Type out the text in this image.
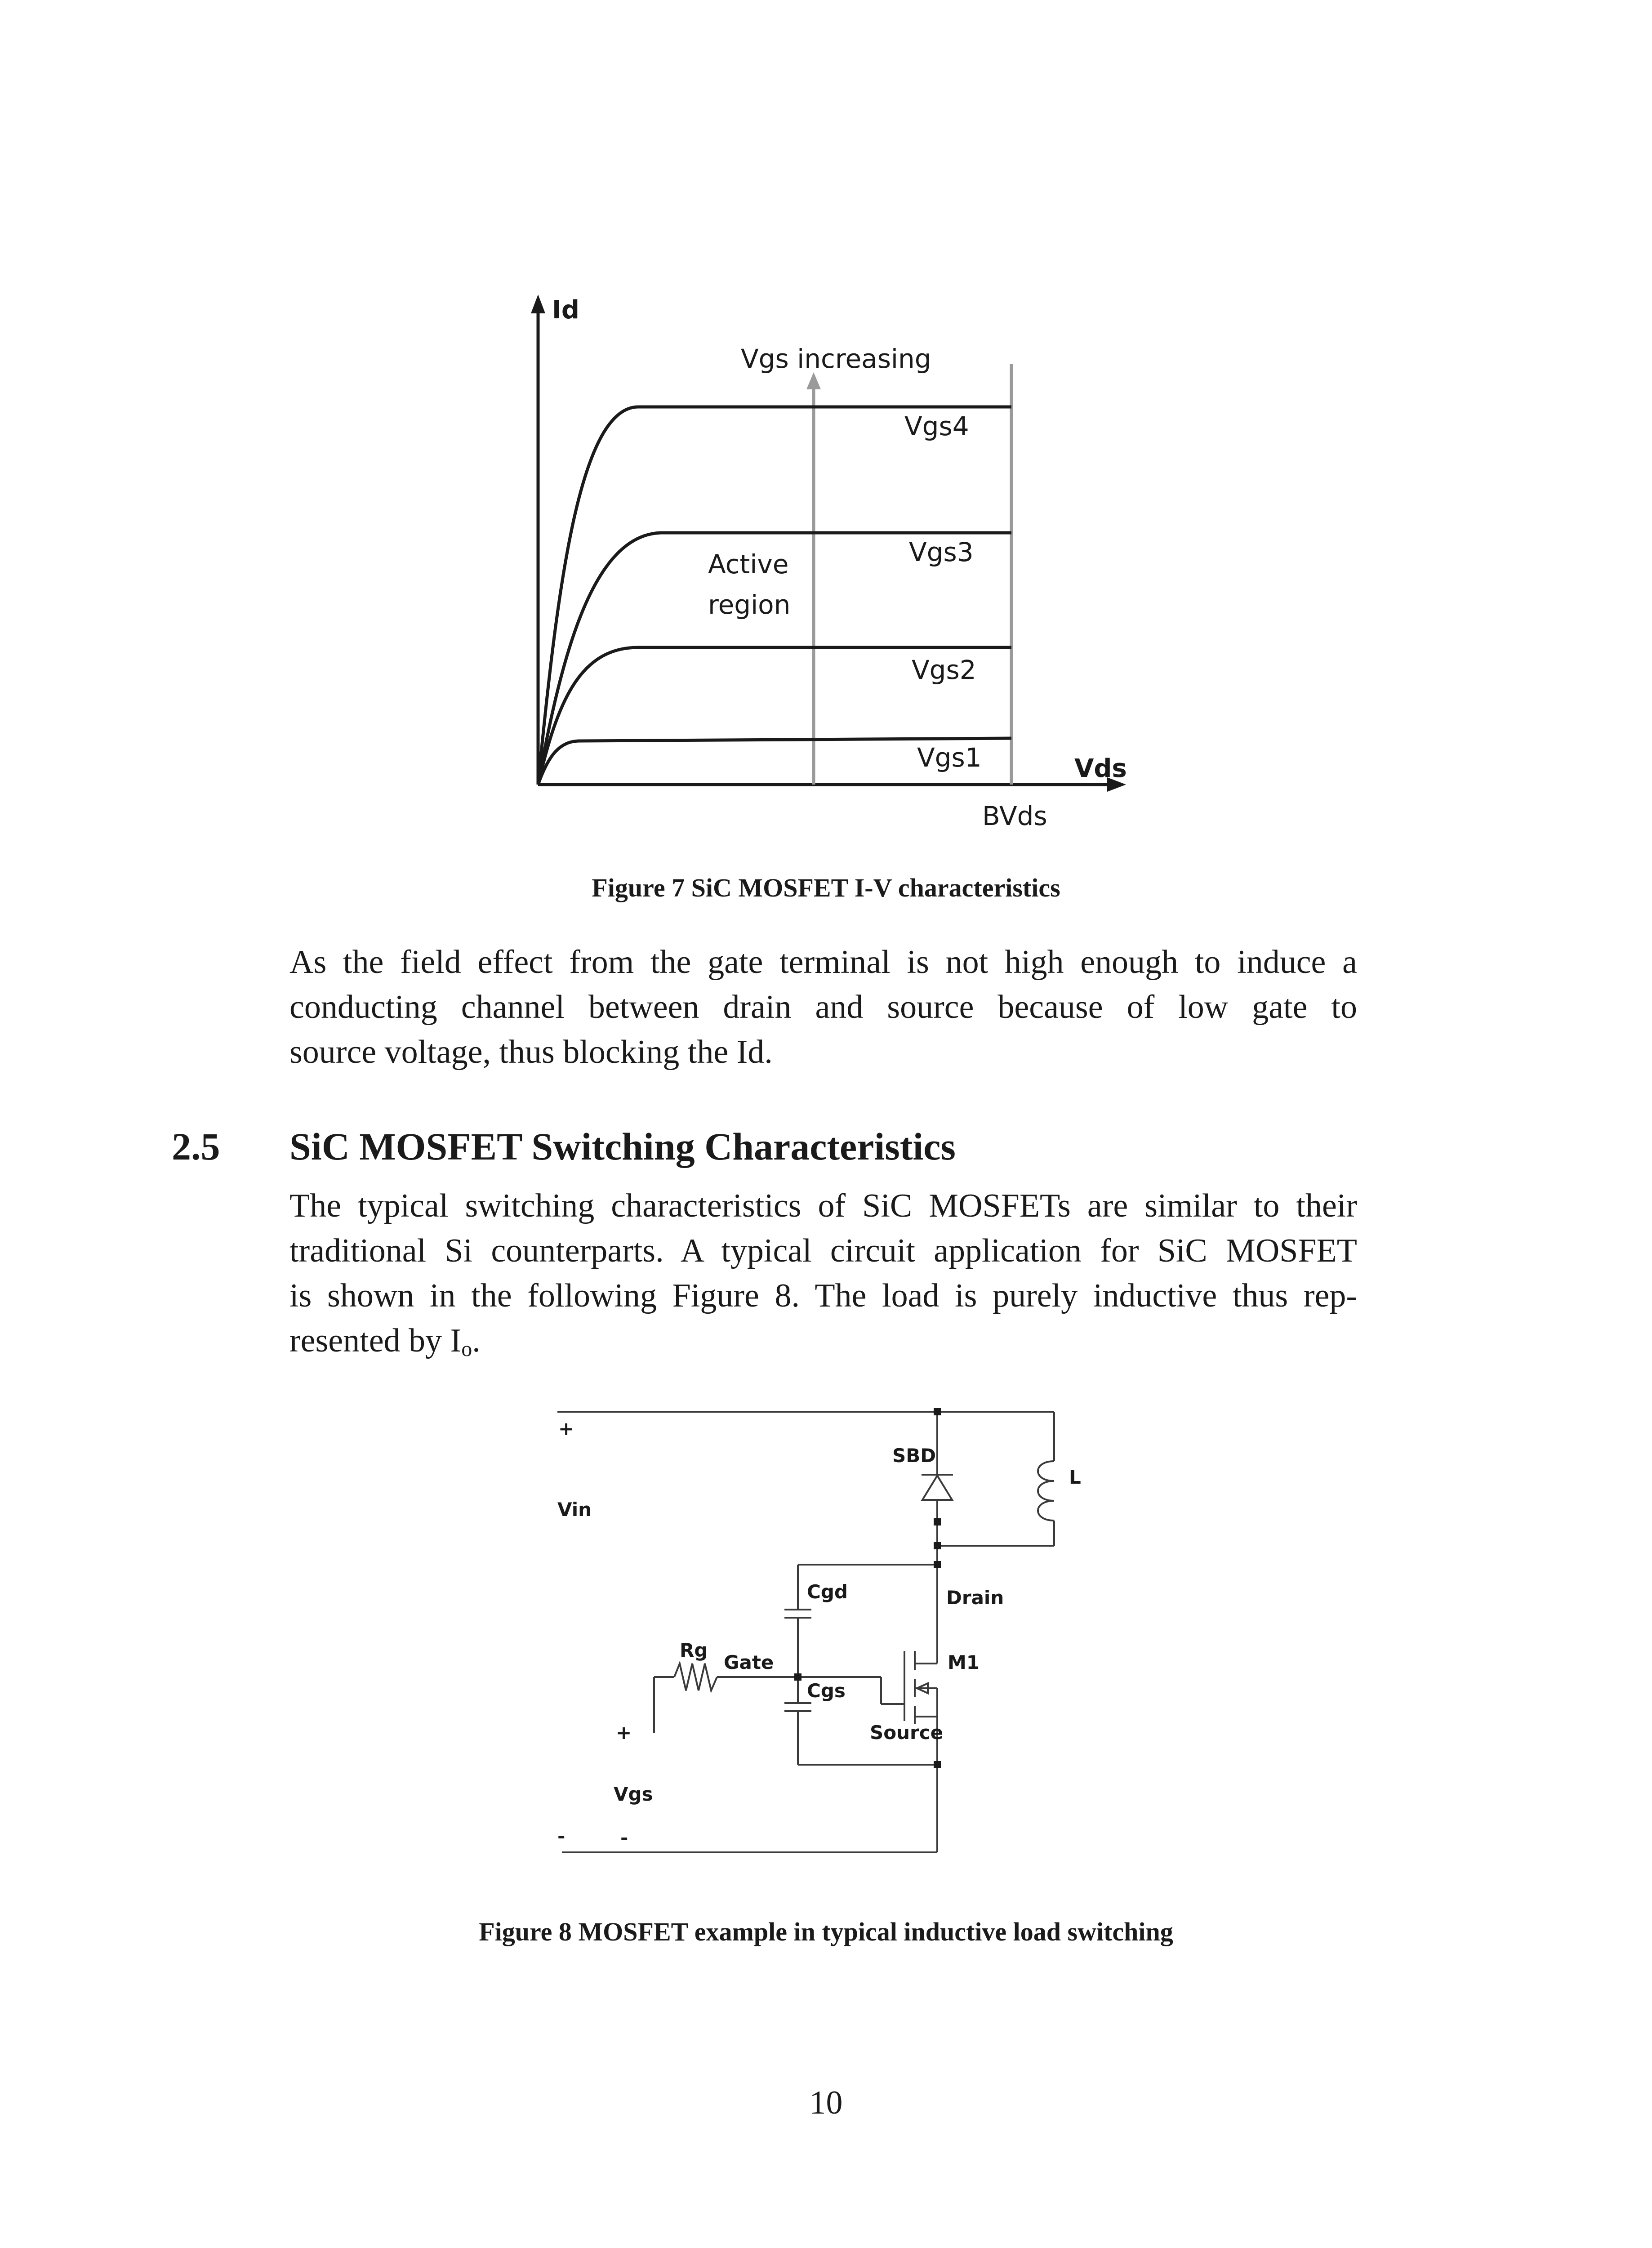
Id
Vgs increasing
Vgs4
Vgs3
Active
region
Vgs2
Vgs1	Vds
BVds
Figure 7 SiC MOSFET I-V characteristics
As the field effect from the gate terminal is not high enough to induce a
conducting channel between drain and source because of low gate to
source voltage, thus blocking the Id.
2.5 SiC MOSFET Switching Characteristics
The typical switching characteristics of SiC MOSFETs are similar to their
traditional Si counterparts. A typical circuit application for SiC MOSFET
is shown in the following Figure 8. The load is purely inductive thus rep-
resented by $I_o$.
+
Vin
-
SBD
L
Cgd	Drain
Rg
Gate	M1
Cgs
Source
+
Vgs
-
Figure 8 MOSFET example in typical inductive load switching
10
